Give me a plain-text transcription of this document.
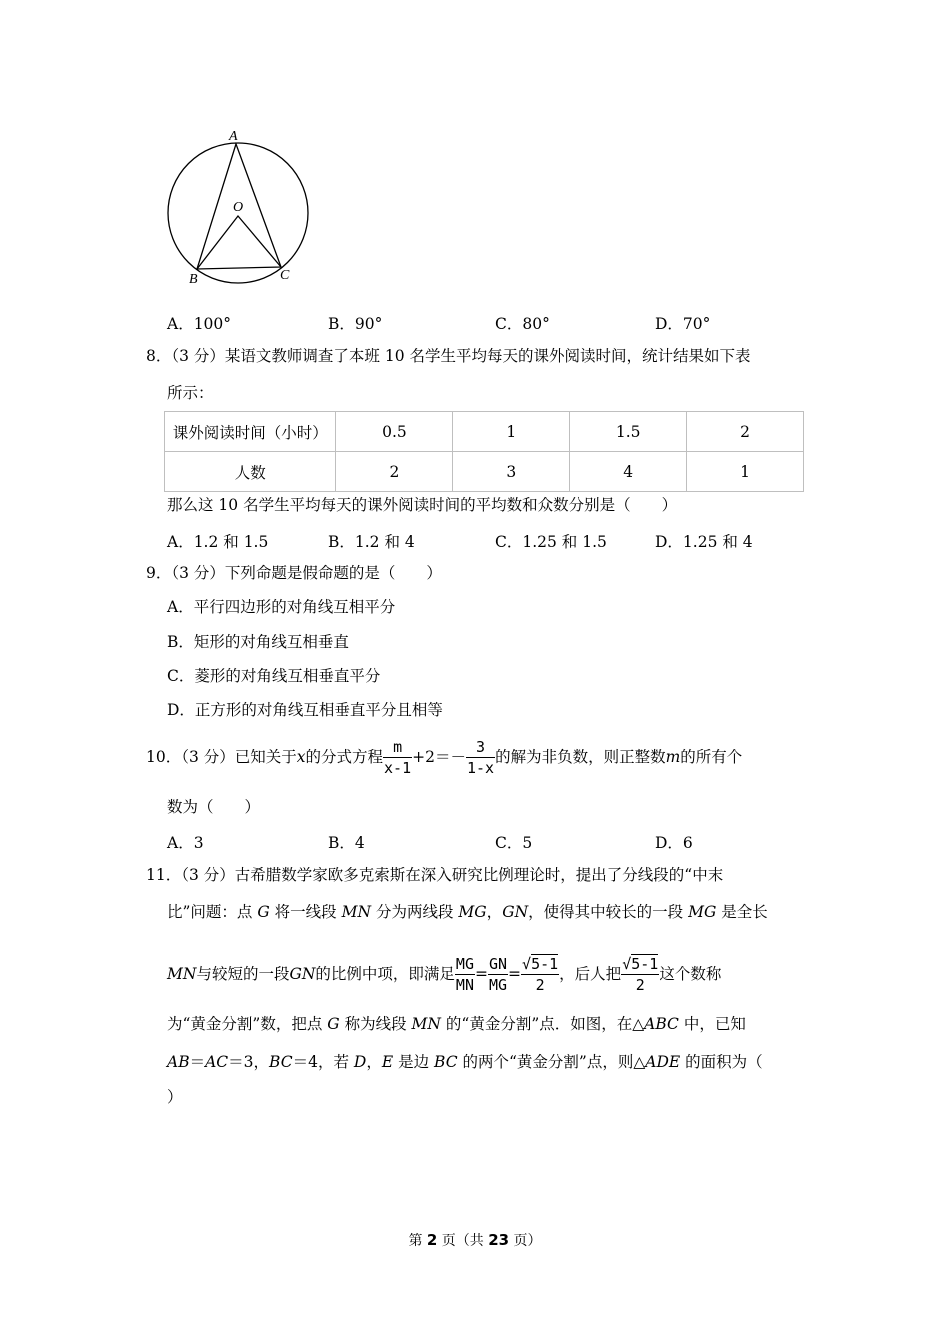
A
O
B	C
A．100°	B．90°	C．80°	D．70°
8．（3 分）某语文教师调查了本班 10 名学生平均每天的课外阅读时间，统计结果如下表
所示：
课外阅读时间（小时）	0.5	1	1.5	2
人数	2	3	4	1
那么这 10 名学生平均每天的课外阅读时间的平均数和众数分别是（　　）
A．1.2 和 1.5	B．1.2 和 4	C．1.25 和 1.5	D．1.25 和 4
9．（3 分）下列命题是假命题的是（　　）
A．平行四边形的对角线互相平分
B．矩形的对角线互相垂直
C．菱形的对角线互相垂直平分
D．正方形的对角线互相垂直平分且相等
10．（3 分）已知关于 x 的分式方程 $\frac{m}{x-1} +2=- \frac{3}{1-x}$ 的解为非负数，则正整数 m 的所有个
数为（　　）
A．3	B．4	C．5	D．6
11．（3 分）古希腊数学家欧多克索斯在深入研究比例理论时，提出了分线段的“中末
比”问题：点 G 将一线段 MN 分为两线段 MG，GN，使得其中较长的一段 MG 是全长
MN 与较短的一段 GN 的比例中项，即满足 $\frac{MG}{MN} = \frac{GN}{MG} = \frac{√5-1}{2}$ ，后人把 $\frac{√5-1}{2}$ 这个数称
为“黄金分割”数，把点 G 称为线段 MN 的“黄金分割”点．如图，在△ABC 中，已知
AB＝AC＝3，BC＝4，若 D，E 是边 BC 的两个“黄金分割”点，则△ADE 的面积为（
）
第 2 页（共 23 页）
